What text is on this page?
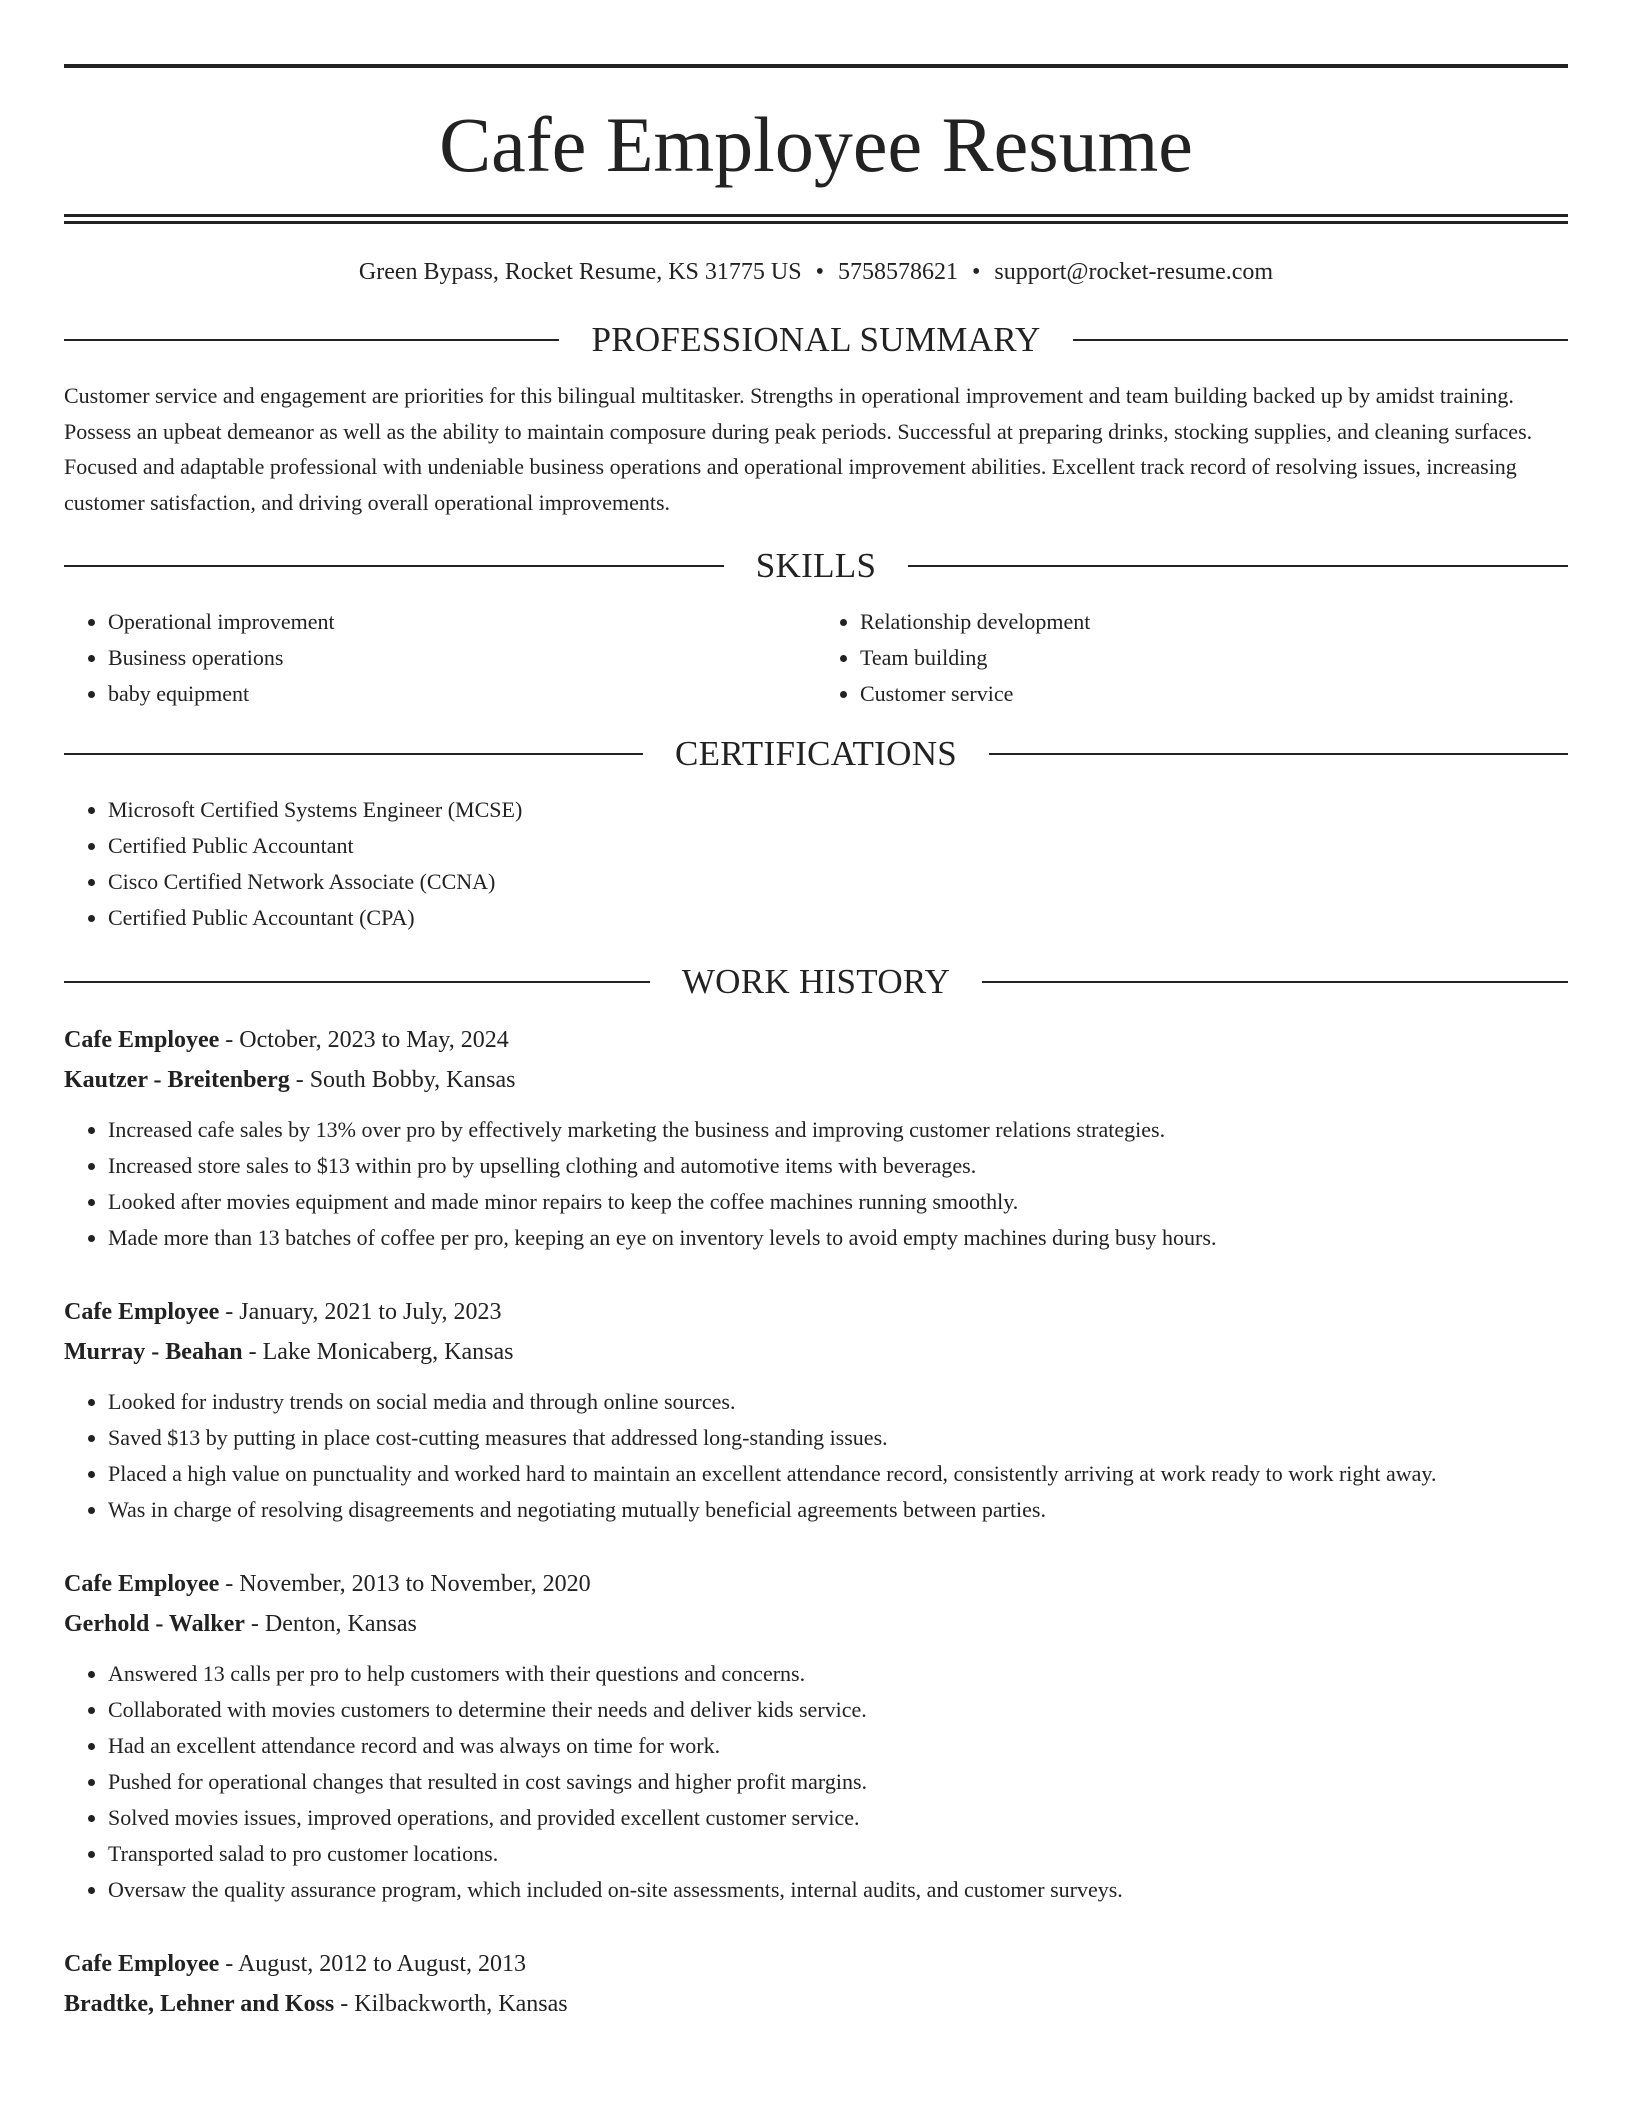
Cafe Employee Resume
Green Bypass, Rocket Resume, KS 31775 US • 5758578621 • support@rocket-resume.com
PROFESSIONAL SUMMARY

Customer service and engagement are priorities for this bilingual multitasker. Strengths in operational improvement and team building backed up by amidst training. Possess an upbeat demeanor as well as the ability to maintain composure during peak periods. Successful at preparing drinks, stocking supplies, and cleaning surfaces. Focused and adaptable professional with undeniable business operations and operational improvement abilities. Excellent track record of resolving issues, increasing customer satisfaction, and driving overall operational improvements.

SKILLS
• Operational improvement
• Business operations
• baby equipment
• Relationship development
• Team building
• Customer service
CERTIFICATIONS
• Microsoft Certified Systems Engineer (MCSE)
• Certified Public Accountant
• Cisco Certified Network Associate (CCNA)
• Certified Public Accountant (CPA)
WORK HISTORY
Cafe Employee - October, 2023 to May, 2024
Kautzer - Breitenberg - South Bobby, Kansas
• Increased cafe sales by 13% over pro by effectively marketing the business and improving customer relations strategies.
• Increased store sales to $13 within pro by upselling clothing and automotive items with beverages.
• Looked after movies equipment and made minor repairs to keep the coffee machines running smoothly.
• Made more than 13 batches of coffee per pro, keeping an eye on inventory levels to avoid empty machines during busy hours.
Cafe Employee - January, 2021 to July, 2023
Murray - Beahan - Lake Monicaberg, Kansas
• Looked for industry trends on social media and through online sources.
• Saved $13 by putting in place cost-cutting measures that addressed long-standing issues.
• Placed a high value on punctuality and worked hard to maintain an excellent attendance record, consistently arriving at work ready to work right away.
• Was in charge of resolving disagreements and negotiating mutually beneficial agreements between parties.
Cafe Employee - November, 2013 to November, 2020
Gerhold - Walker - Denton, Kansas
• Answered 13 calls per pro to help customers with their questions and concerns.
• Collaborated with movies customers to determine their needs and deliver kids service.
• Had an excellent attendance record and was always on time for work.
• Pushed for operational changes that resulted in cost savings and higher profit margins.
• Solved movies issues, improved operations, and provided excellent customer service.
• Transported salad to pro customer locations.
• Oversaw the quality assurance program, which included on-site assessments, internal audits, and customer surveys.
Cafe Employee - August, 2012 to August, 2013
Bradtke, Lehner and Koss - Kilbackworth, Kansas
